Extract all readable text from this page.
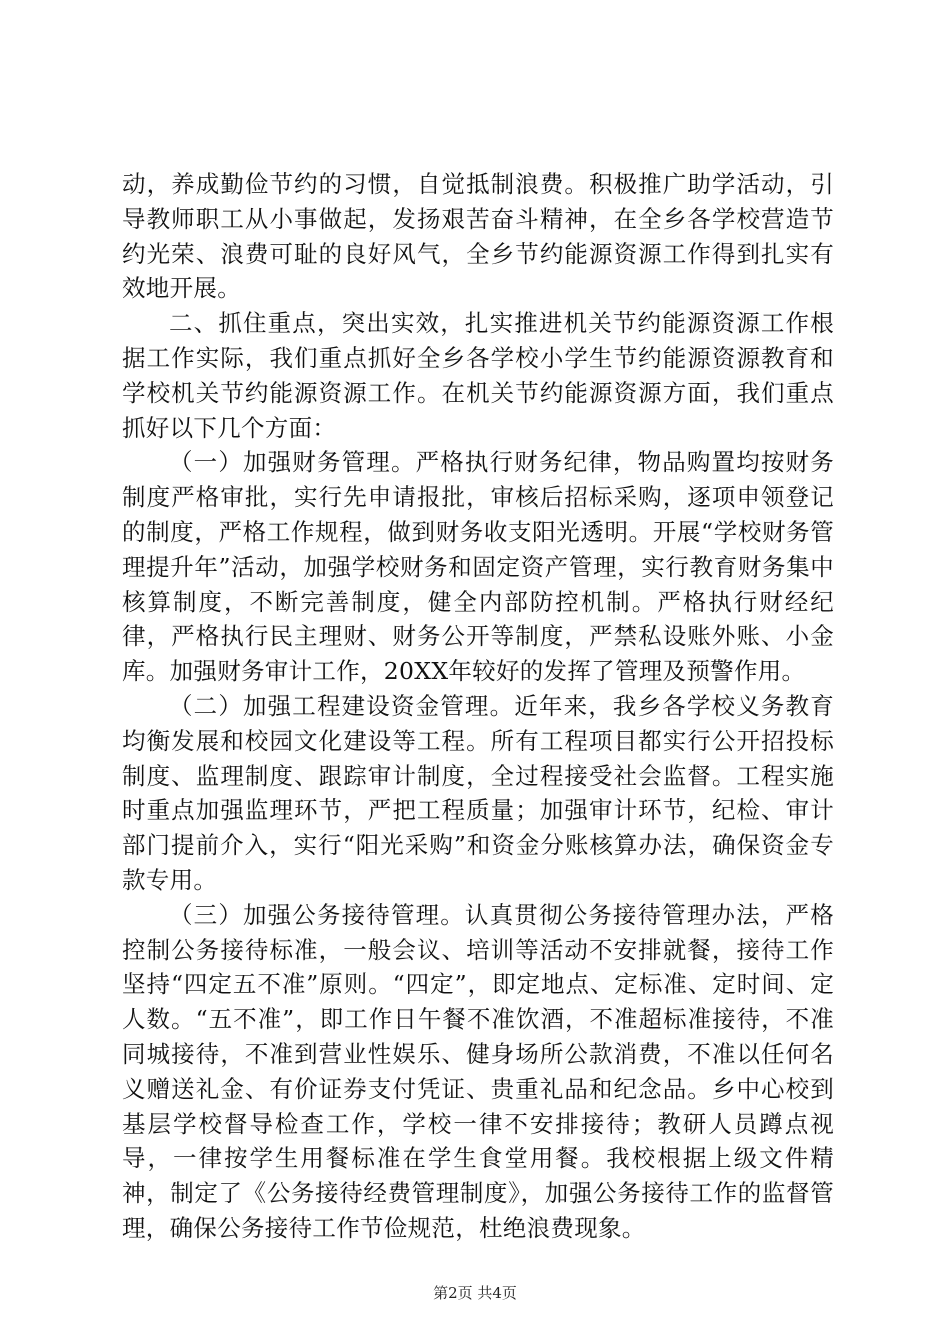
动，养成勤俭节约的习惯，自觉抵制浪费。积极推广助学活动，引导教师职工从小事做起，发扬艰苦奋斗精神，在全乡各学校营造节约光荣、浪费可耻的良好风气，全乡节约能源资源工作得到扎实有效地开展。

二、抓住重点，突出实效，扎实推进机关节约能源资源工作根据工作实际，我们重点抓好全乡各学校小学生节约能源资源教育和学校机关节约能源资源工作。在机关节约能源资源方面，我们重点抓好以下几个方面：

（一）加强财务管理。严格执行财务纪律，物品购置均按财务制度严格审批，实行先申请报批，审核后招标采购，逐项申领登记的制度，严格工作规程，做到财务收支阳光透明。开展“学校财务管理提升年”活动，加强学校财务和固定资产管理，实行教育财务集中核算制度，不断完善制度，健全内部防控机制。严格执行财经纪律，严格执行民主理财、财务公开等制度，严禁私设账外账、小金库。加强财务审计工作，20XX年较好的发挥了管理及预警作用。

（二）加强工程建设资金管理。近年来，我乡各学校义务教育均衡发展和校园文化建设等工程。所有工程项目都实行公开招投标制度、监理制度、跟踪审计制度，全过程接受社会监督。工程实施时重点加强监理环节，严把工程质量；加强审计环节，纪检、审计部门提前介入，实行“阳光采购”和资金分账核算办法，确保资金专款专用。

（三）加强公务接待管理。认真贯彻公务接待管理办法，严格控制公务接待标准，一般会议、培训等活动不安排就餐，接待工作坚持“四定五不准”原则。“四定”，即定地点、定标准、定时间、定人数。“五不准”，即工作日午餐不准饮酒，不准超标准接待，不准同城接待，不准到营业性娱乐、健身场所公款消费，不准以任何名义赠送礼金、有价证券支付凭证、贵重礼品和纪念品。乡中心校到基层学校督导检查工作，学校一律不安排接待；教研人员蹲点视导，一律按学生用餐标准在学生食堂用餐。我校根据上级文件精神，制定了《公务接待经费管理制度》，加强公务接待工作的监督管理，确保公务接待工作节俭规范，杜绝浪费现象。

第2页 共4页
